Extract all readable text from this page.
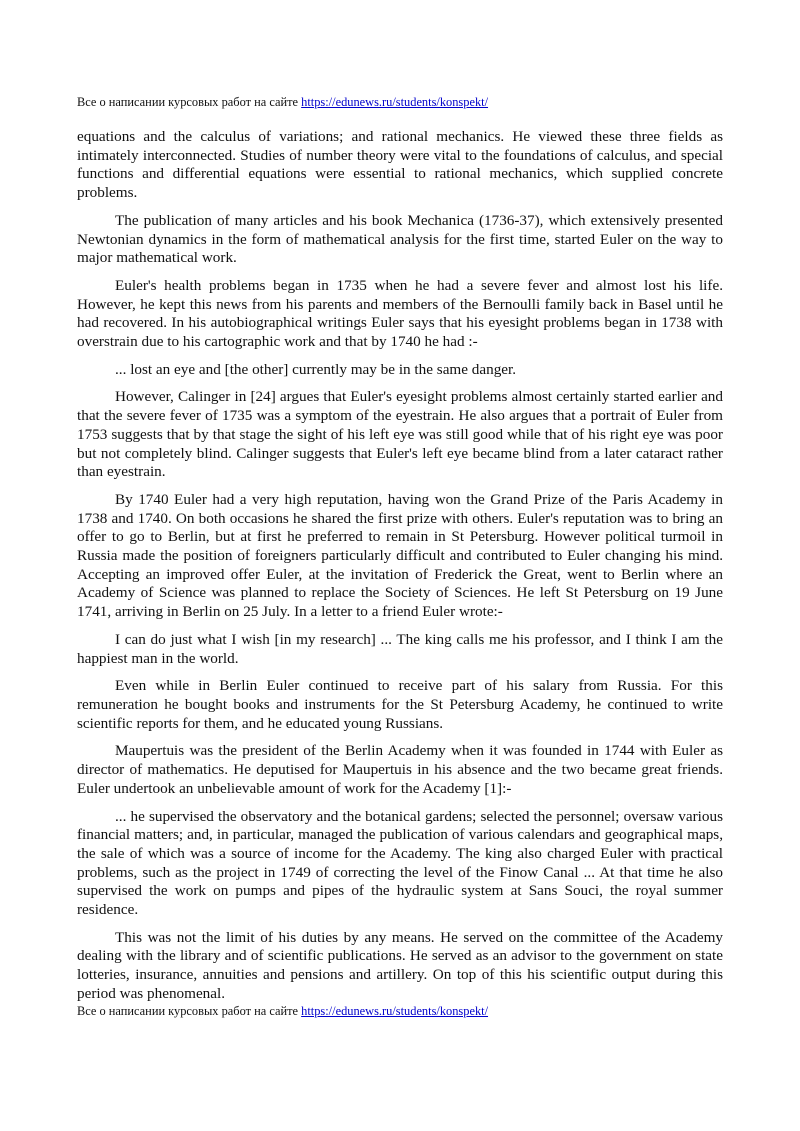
Все о написании курсовых работ на сайте https://edunews.ru/students/konspekt/

equations and the calculus of variations; and rational mechanics. He viewed these three fields as intimately interconnected. Studies of number theory were vital to the foundations of calculus, and special functions and differential equations were essential to rational mechanics, which supplied concrete problems.

The publication of many articles and his book Mechanica (1736-37), which extensively presented Newtonian dynamics in the form of mathematical analysis for the first time, started Euler on the way to major mathematical work.

Euler's health problems began in 1735 when he had a severe fever and almost lost his life. However, he kept this news from his parents and members of the Bernoulli family back in Basel until he had recovered. In his autobiographical writings Euler says that his eyesight problems began in 1738 with overstrain due to his cartographic work and that by 1740 he had :-

... lost an eye and [the other] currently may be in the same danger.

However, Calinger in [24] argues that Euler's eyesight problems almost certainly started earlier and that the severe fever of 1735 was a symptom of the eyestrain. He also argues that a portrait of Euler from 1753 suggests that by that stage the sight of his left eye was still good while that of his right eye was poor but not completely blind. Calinger suggests that Euler's left eye became blind from a later cataract rather than eyestrain.

By 1740 Euler had a very high reputation, having won the Grand Prize of the Paris Academy in 1738 and 1740. On both occasions he shared the first prize with others. Euler's reputation was to bring an offer to go to Berlin, but at first he preferred to remain in St Petersburg. However political turmoil in Russia made the position of foreigners particularly difficult and contributed to Euler changing his mind. Accepting an improved offer Euler, at the invitation of Frederick the Great, went to Berlin where an Academy of Science was planned to replace the Society of Sciences. He left St Petersburg on 19 June 1741, arriving in Berlin on 25 July. In a letter to a friend Euler wrote:-

I can do just what I wish [in my research] ... The king calls me his professor, and I think I am the happiest man in the world.

Even while in Berlin Euler continued to receive part of his salary from Russia. For this remuneration he bought books and instruments for the St Petersburg Academy, he continued to write scientific reports for them, and he educated young Russians.

Maupertuis was the president of the Berlin Academy when it was founded in 1744 with Euler as director of mathematics. He deputised for Maupertuis in his absence and the two became great friends. Euler undertook an unbelievable amount of work for the Academy [1]:-

... he supervised the observatory and the botanical gardens; selected the personnel; oversaw various financial matters; and, in particular, managed the publication of various calendars and geographical maps, the sale of which was a source of income for the Academy. The king also charged Euler with practical problems, such as the project in 1749 of correcting the level of the Finow Canal ... At that time he also supervised the work on pumps and pipes of the hydraulic system at Sans Souci, the royal summer residence.

This was not the limit of his duties by any means. He served on the committee of the Academy dealing with the library and of scientific publications. He served as an advisor to the government on state lotteries, insurance, annuities and pensions and artillery. On top of this his scientific output during this period was phenomenal.

Все о написании курсовых работ на сайте https://edunews.ru/students/konspekt/
